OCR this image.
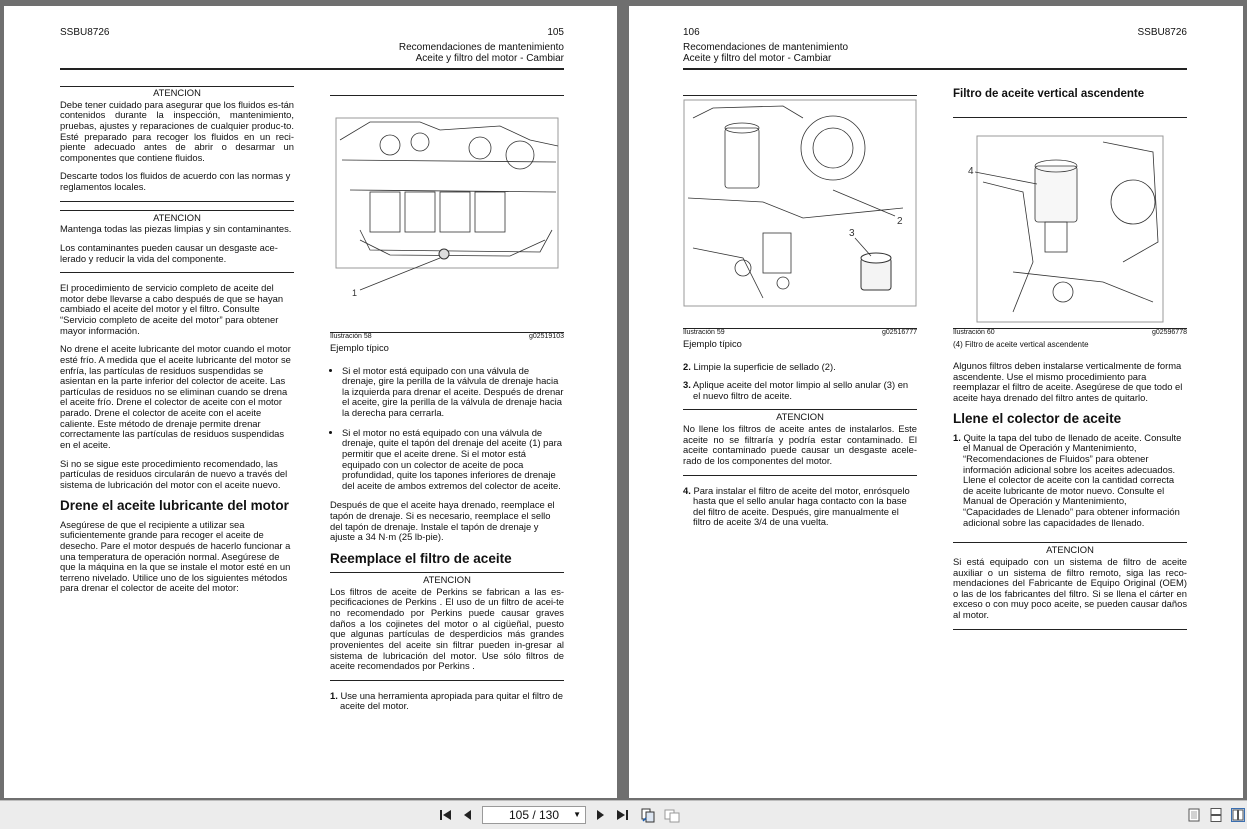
SSBU8726	105
Recomendaciones de mantenimiento
Aceite y filtro del motor - Cambiar
ATENCION

Debe tener cuidado para asegurar que los fluidos es-tán contenidos durante la inspección, mantenimiento, pruebas, ajustes y reparaciones de cualquier produc-to. Esté preparado para recoger los fluidos en un reci-piente adecuado antes de abrir o desarmar un componentes que contiene fluidos.

Descarte todos los fluidos de acuerdo con las normas y reglamentos locales.

ATENCION

Mantenga todas las piezas limpias y sin contaminantes.

Los contaminantes pueden causar un desgaste ace-lerado y reducir la vida del componente.

El procedimiento de servicio completo de aceite del motor debe llevarse a cabo después de que se hayan cambiado el aceite del motor y el filtro. Consulte “Servicio completo de aceite del motor” para obtener mayor información.

No drene el aceite lubricante del motor cuando el motor esté frío. A medida que el aceite lubricante del motor se enfría, las partículas de residuos suspendidas se asientan en la parte inferior del colector de aceite. Las partículas de residuos no se eliminan cuando se drena el aceite frío. Drene el colector de aceite con el motor parado. Drene el colector de aceite con el aceite caliente. Este método de drenaje permite drenar correctamente las partículas de residuos suspendidas en el aceite.

Si no se sigue este procedimiento recomendado, las partículas de residuos circularán de nuevo a través del sistema de lubricación del motor con el aceite nuevo.

Drene el aceite lubricante del motor

Asegúrese de que el recipiente a utilizar sea suficientemente grande para recoger el aceite de desecho. Pare el motor después de hacerlo funcionar a una temperatura de operación normal. Asegúrese de que la máquina en la que se instale el motor esté en un terreno nivelado. Utilice uno de los siguientes métodos para drenar el colector de aceite del motor:

1
Ilustración 58	g02519103

Ejemplo típico

• Si el motor está equipado con una válvula de drenaje, gire la perilla de la válvula de drenaje hacia la izquierda para drenar el aceite. Después de drenar el aceite, gire la perilla de la válvula de drenaje hacia la derecha para cerrarla.
• Si el motor no está equipado con una válvula de drenaje, quite el tapón del drenaje del aceite (1) para permitir que el aceite drene. Si el motor está equipado con un colector de aceite de poca profundidad, quite los tapones inferiores de drenaje del aceite de ambos extremos del colector de aceite.

Después de que el aceite haya drenado, reemplace el tapón de drenaje. Si es necesario, reemplace el sello del tapón de drenaje. Instale el tapón de drenaje y ajuste a 34 N·m (25 lb-pie).

Reemplace el filtro de aceite
ATENCION

Los filtros de aceite de Perkins se fabrican a las es-pecificaciones de Perkins . El uso de un filtro de acei-te no recomendado por Perkins puede causar graves daños a los cojinetes del motor o al cigüeñal, puesto que algunas partículas de desperdicios más grandes provenientes del aceite sin filtrar pueden in-gresar al sistema de lubricación del motor. Use sólo filtros de aceite recomendados por Perkins .

1. Use una herramienta apropiada para quitar el filtro de aceite del motor.
106	SSBU8726
Recomendaciones de mantenimiento
Aceite y filtro del motor - Cambiar
2
3
Ilustración 59	g02516777

Ejemplo típico

2. Limpie la superficie de sellado (2).
3. Aplique aceite del motor limpio al sello anular (3) en el nuevo filtro de aceite.
ATENCION

No llene los filtros de aceite antes de instalarlos. Este aceite no se filtraría y podría estar contaminado. El aceite contaminado puede causar un desgaste acele-rado de los componentes del motor.

4. Para instalar el filtro de aceite del motor, enrósquelo hasta que el sello anular haga contacto con la base del filtro de aceite. Después, gire manualmente el filtro de aceite 3/4 de una vuelta.
Filtro de aceite vertical ascendente
4
Ilustración 60	g02596778

(4) Filtro de aceite vertical ascendente

Algunos filtros deben instalarse verticalmente de forma ascendente. Use el mismo procedimiento para reemplazar el filtro de aceite. Asegúrese de que todo el aceite haya drenado del filtro antes de quitarlo.

Llene el colector de aceite
1. Quite la tapa del tubo de llenado de aceite. Consulte el Manual de Operación y Mantenimiento, “Recomendaciones de Fluidos” para obtener información adicional sobre los aceites adecuados. Llene el colector de aceite con la cantidad correcta de aceite lubricante de motor nuevo. Consulte el Manual de Operación y Mantenimiento, “Capacidades de Llenado” para obtener información adicional sobre las capacidades de llenado.
ATENCION

Si está equipado con un sistema de filtro de aceite auxiliar o un sistema de filtro remoto, siga las reco-mendaciones del Fabricante de Equipo Original (OEM) o las de los fabricantes del filtro. Si se llena el cárter en exceso o con muy poco aceite, se pueden causar daños al motor.

105 / 130 ▼
